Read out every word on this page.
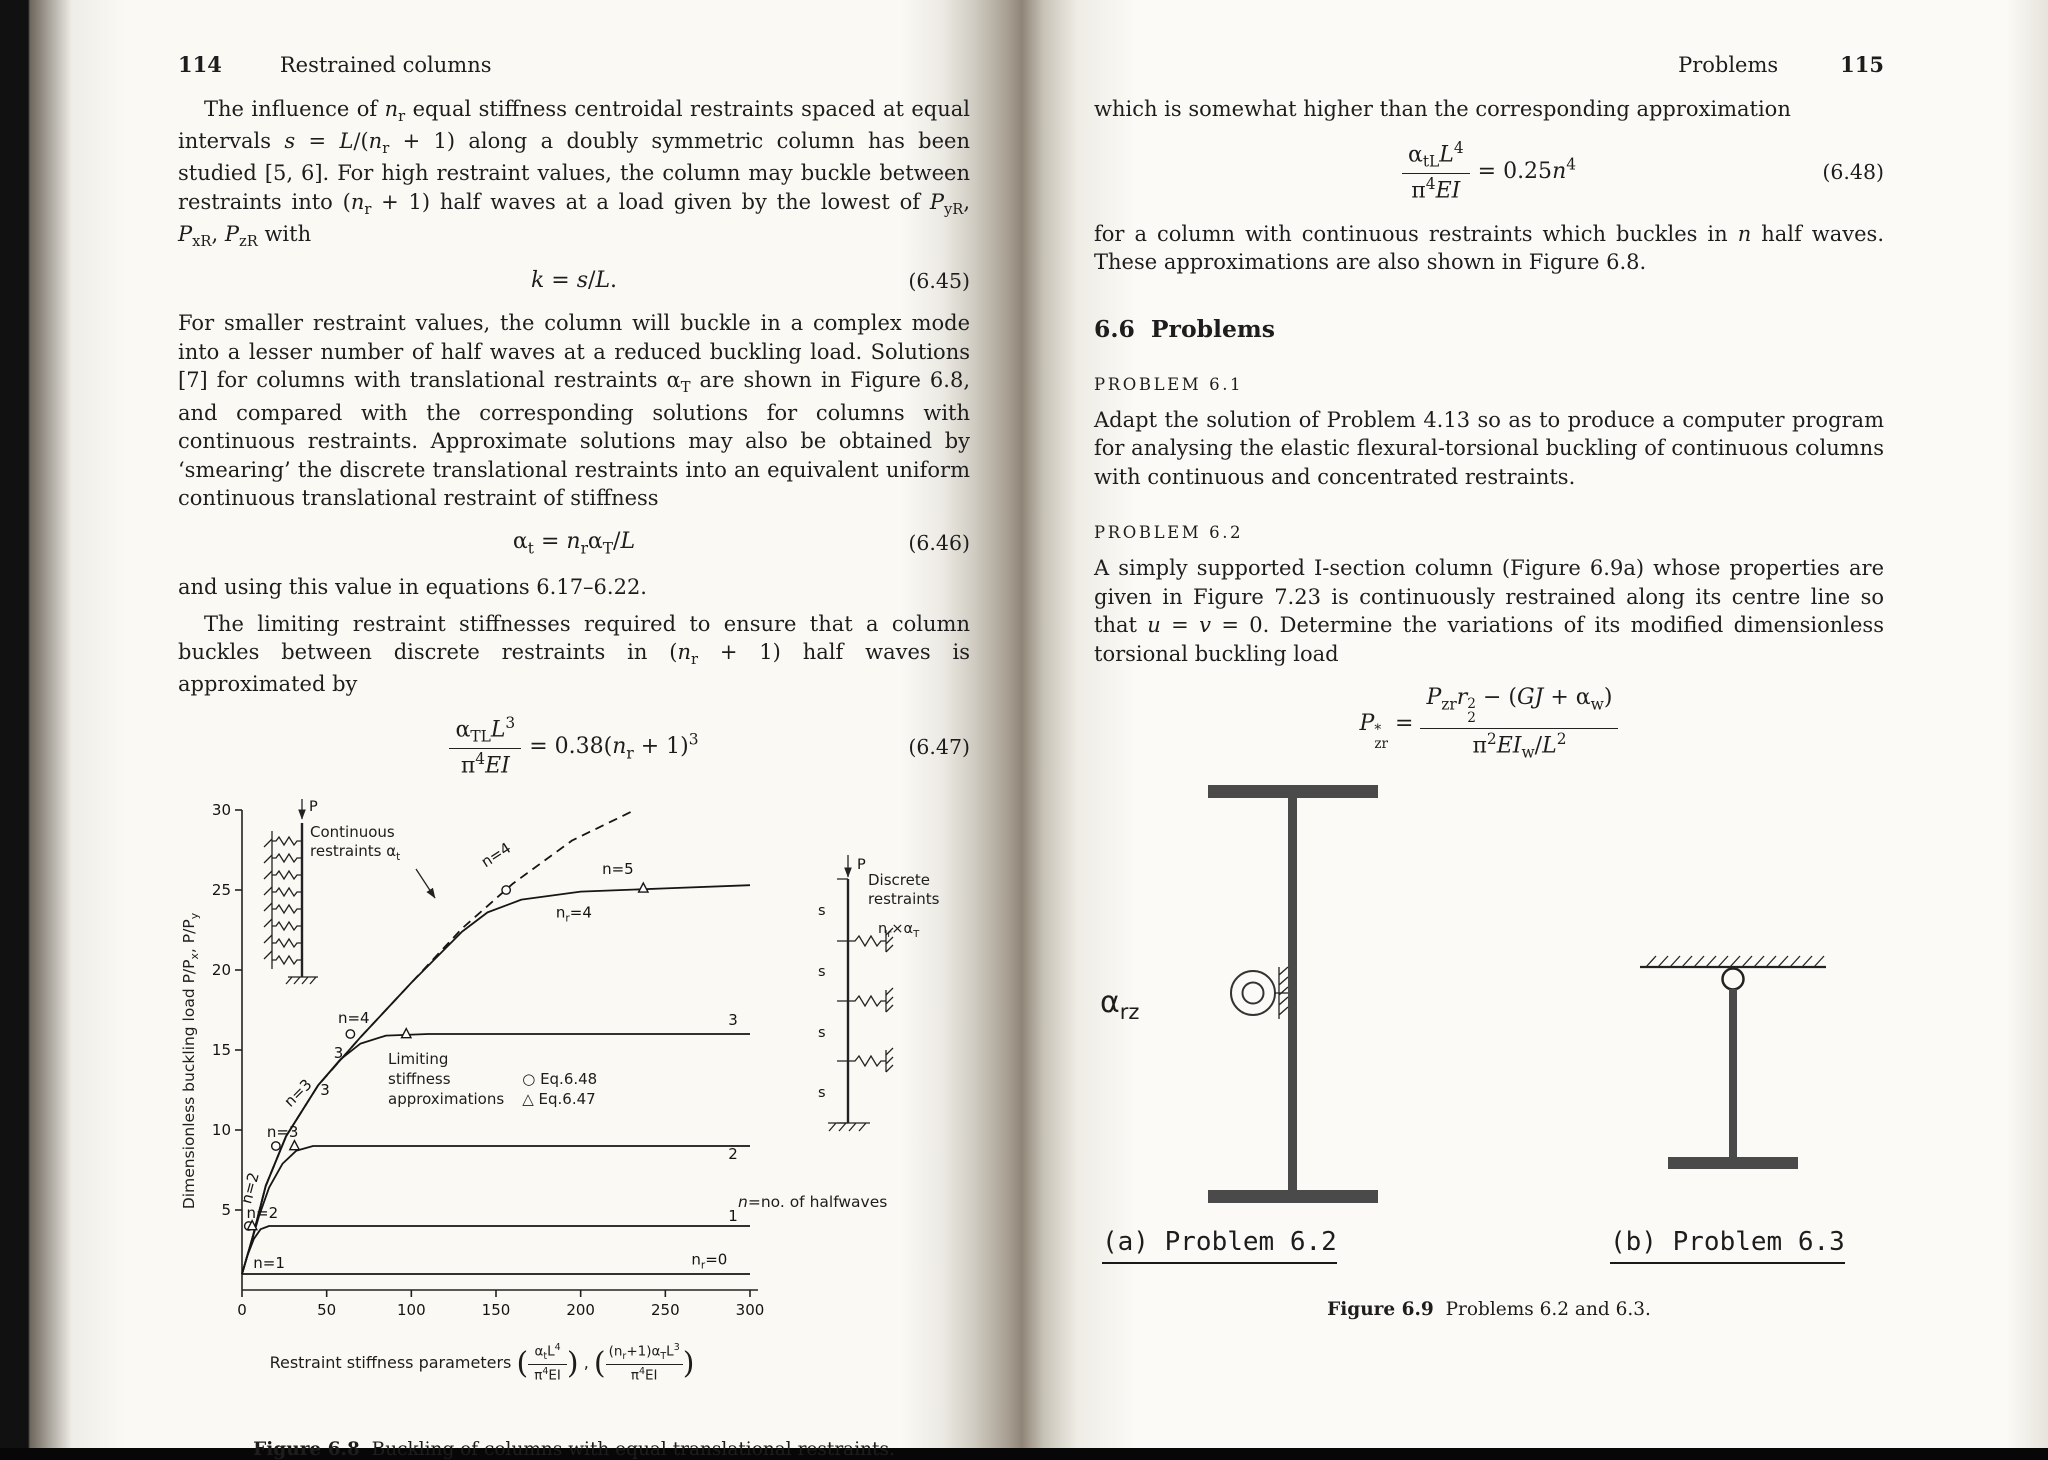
114	Restrained columns

The influence of $n_r$ equal stiffness centroidal restraints spaced at equal intervals $s = L/(n_r + 1)$ along a doubly symmetric column has been studied [5, 6]. For high restraint values, the column may buckle between restraints into $(n_r + 1)$ half waves at a load given by the lowest of $P_{yR}$, $P_{xR}$, $P_{zR}$ with

k = s/L.	(6.45)

For smaller restraint values, the column will buckle in a complex mode into a lesser number of half waves at a reduced buckling load. Solutions [7] for columns with translational restraints $\alpha_T$ are shown in Figure 6.8, and compared with the corresponding solutions for columns with continuous restraints. Approximate solutions may also be obtained by ‘smearing’ the discrete translational restraints into an equivalent uniform continuous translational restraint of stiffness

$\alpha_t = n_r\alpha_T/L$	(6.46)

and using this value in equations 6.17–6.22.

The limiting restraint stiffnesses required to ensure that a column buckles between discrete restraints in $(n_r + 1)$ half waves is approximated by

$\frac{\alpha_{TL}L^3}{\pi^4EI} = 0.38(n_r + 1)^3$	(6.47)
P
0	50	100	150	200	250	300
5
10
15
20
25
30
Continuous
restraints $\alpha_t$
Limiting
stiffness
approximations
○ Eq.6.48
△ Eq.6.47
n=4	n=5
$n_r=4$
n=4
3
3
3
n=3
n=3
2
n=2
n=2
n=1
1
$n_r=0$
P
s
s
s
s
Discrete
restraints
$n_r\times\alpha_T$
n=no. of halfwaves
Dimensionless buckling load $P/P_x$, $P/P_y$
Restraint stiffness parameters ( $\frac{\alpha_tL^4}{\pi^4EI}$ ) , ( $\frac{(n_r+1)\alpha_TL^3}{\pi^4EI}$ )
Figure 6.8 Buckling of columns with equal translational restraints.
Problems	115

which is somewhat higher than the corresponding approximation

$\frac{\alpha_{tL}L^4}{\pi^4EI} = 0.25n^4$	(6.48)

for a column with continuous restraints which buckles in n half waves. These approximations are also shown in Figure 6.8.

6.6 Problems
PROBLEM 6.1

Adapt the solution of Problem 4.13 so as to produce a computer program for analysing the elastic flexural-torsional buckling of continuous columns with continuous and concentrated restraints.

PROBLEM 6.2

A simply supported I-section column (Figure 6.9a) whose properties are given in Figure 7.23 is continuously restrained along its centre line so that u = v = 0. Determine the variations of its modified dimensionless torsional buckling load

P *
zr
= $P_{zr}r$ 2
2
− $(GJ + \alpha_w)$
$\pi^2EI_w/L^2$
$\alpha_{rz}$
(a) Problem 6.2	(b) Problem 6.3
Figure 6.9 Problems 6.2 and 6.3.
